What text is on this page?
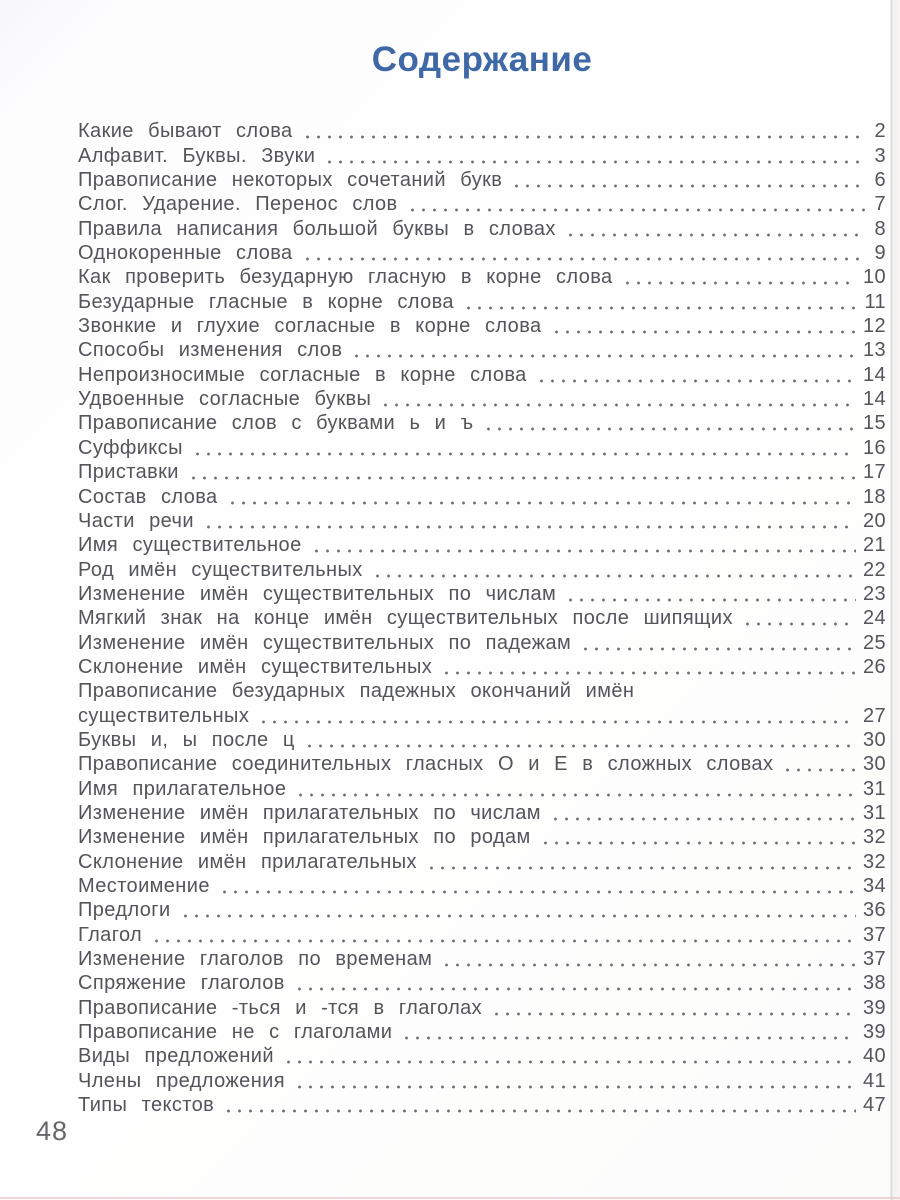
Содержание
Какие бывают слова	2
Алфавит. Буквы. Звуки	3
Правописание некоторых сочетаний букв	6
Слог. Ударение. Перенос слов	7
Правила написания большой буквы в словах	8
Однокоренные слова	9
Как проверить безударную гласную в корне слова	10
Безударные гласные в корне слова	11
Звонкие и глухие согласные в корне слова	12
Способы изменения слов	13
Непроизносимые согласные в корне слова	14
Удвоенные согласные буквы	14
Правописание слов с буквами ь и ъ	15
Суффиксы	16
Приставки	17
Состав слова	18
Части речи	20
Имя существительное	21
Род имён существительных	22
Изменение имён существительных по числам	23
Мягкий знак на конце имён существительных после шипящих	24
Изменение имён существительных по падежам	25
Склонение имён существительных	26
Правописание безударных падежных окончаний имён
существительных	27
Буквы и, ы после ц	30
Правописание соединительных гласных О и Е в сложных словах	30
Имя прилагательное	31
Изменение имён прилагательных по числам	31
Изменение имён прилагательных по родам	32
Склонение имён прилагательных	32
Местоимение	34
Предлоги	36
Глагол	37
Изменение глаголов по временам	37
Спряжение глаголов	38
Правописание -ться и -тся в глаголах	39
Правописание не с глаголами	39
Виды предложений	40
Члены предложения	41
Типы текстов	47
48
